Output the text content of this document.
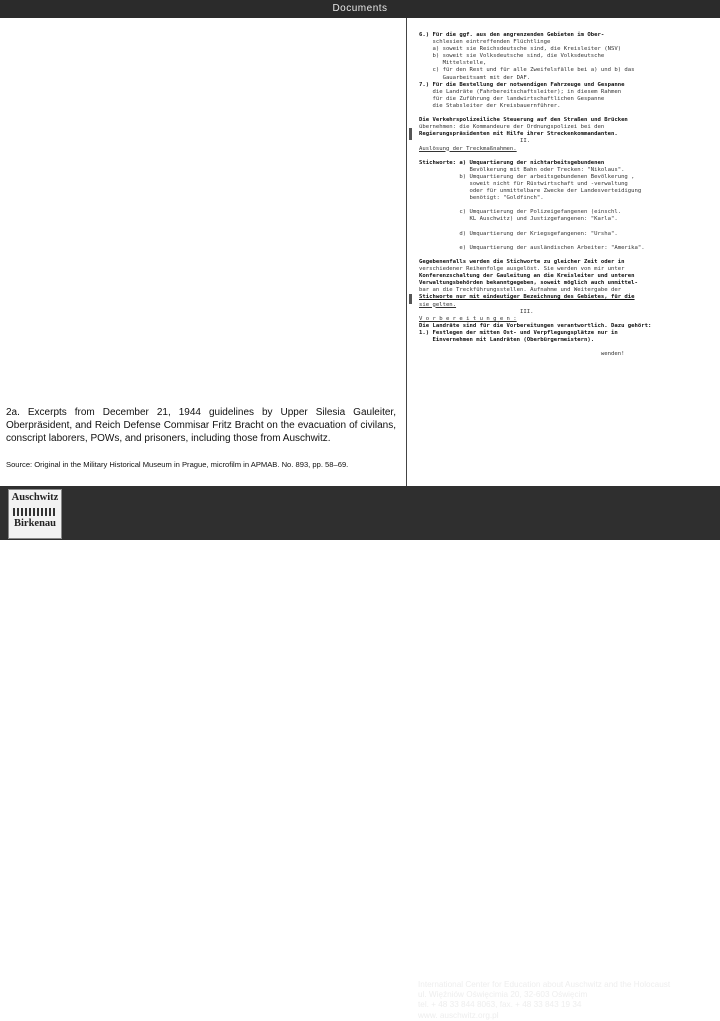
Documents
2a. Excerpts from December 21, 1944 guidelines by Upper Silesia Gauleiter, Oberpräsident, and Reich Defense Commisar Fritz Bracht on the evacuation of civilans, conscript laborers, POWs, and prisoners, including those from Auschwitz.
Source: Original in the Military Historical Museum in Prague, microfilm in APMAB. No. 893, pp. 58–69.
6.) Für die ggf. aus den angrenzenden Gebieten im Ober-
schlesien eintreffenden Flüchtlinge
a) soweit sie Reichsdeutsche sind, die Kreisleiter (NSV)
b) soweit sie Volksdeutsche sind, die Volksdeutsche
Mittelstelle,
c) für den Rest und für alle Zweifelsfälle bei a) und b) das
Gauarbeitsamt mit der DAF.
7.) Für die Bestellung der notwendigen Fahrzeuge und Gespanne
die Landräte (Fahrbereitschaftsleiter); in diesem Rahmen
für die Zuführung der landwirtschaftlichen Gespanne
die Stabsleiter der Kreisbauernführer.

Die Verkehrspolizeiliche Steuerung auf den Straßen und Brücken
übernehmen: die Kommandeure der Ordnungspolizei bei den
Regierungspräsidenten mit Hilfe ihrer Streckenkommandanten.
II.
Auslösung der Treckmaßnahmen.

Stichworte: a) Umquartierung der nichtarbeitsgebundenen
Bevölkerung mit Bahn oder Trecken: "Nikolaus".
b) Umquartierung der arbeitsgebundenen Bevölkerung ,
soweit nicht für Rüstwirtschaft und -verwaltung
oder für unmittelbare Zwecke der Landesverteidigung
benötigt: "Goldfinch".

c) Umquartierung der Polizeigefangenen (einschl.
KL Auschwitz) und Justizgefangenen: "Karla".

d) Umquartierung der Kriegsgefangenen: "Ursha".

e) Umquartierung der ausländischen Arbeiter: "Amerika".

Gegebenenfalls werden die Stichworte zu gleicher Zeit oder in
verschiedener Reihenfolge ausgelöst. Sie werden von mir unter
Konferenzschaltung der Gauleitung an die Kreisleiter und unteren
Verwaltungsbehörden bekanntgegeben, soweit möglich auch unmittel-
bar an die Treckführungsstellen. Aufnahme und Weitergabe der
Stichworte nur mit eindeutiger Bezeichnung des Gebietes, für die
sie gelten.
III.
V o r b e r e i t u n g e n :
Die Landräte sind für die Vorbereitungen verantwortlich. Dazu gehört:
1.) Festlegen der mitten Ost- und Verpflegungsplätze nur in
Einvernehmen mit Landräten (Oberbürgermeistern).

wenden!
Auschwitz
Birkenau
International Center for Education about Auschwitz and the Holocaust
ul. Więźniów Oświęcimia 20, 32-603 Oświęcim
tel. + 48 33 844 8063, fax. + 48 33 843 19 34
www. auschwitz.org.pl
